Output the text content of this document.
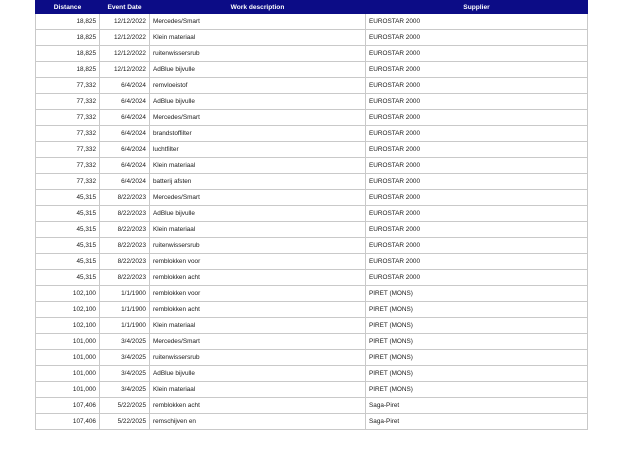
Distance	Event Date	Work description	Supplier
18,825	12/12/2022	Mercedes/Smart	EUROSTAR 2000
18,825	12/12/2022	Klein materiaal	EUROSTAR 2000
18,825	12/12/2022	ruitenwissersrub	EUROSTAR 2000
18,825	12/12/2022	AdBlue bijvulle	EUROSTAR 2000
77,332	6/4/2024	remvloeistof	EUROSTAR 2000
77,332	6/4/2024	AdBlue bijvulle	EUROSTAR 2000
77,332	6/4/2024	Mercedes/Smart	EUROSTAR 2000
77,332	6/4/2024	brandstoffilter	EUROSTAR 2000
77,332	6/4/2024	luchtfilter	EUROSTAR 2000
77,332	6/4/2024	Klein materiaal	EUROSTAR 2000
77,332	6/4/2024	batterij afsten	EUROSTAR 2000
45,315	8/22/2023	Mercedes/Smart	EUROSTAR 2000
45,315	8/22/2023	AdBlue bijvulle	EUROSTAR 2000
45,315	8/22/2023	Klein materiaal	EUROSTAR 2000
45,315	8/22/2023	ruitenwissersrub	EUROSTAR 2000
45,315	8/22/2023	remblokken voor	EUROSTAR 2000
45,315	8/22/2023	remblokken acht	EUROSTAR 2000
102,100	1/1/1900	remblokken voor	PIRET (MONS)
102,100	1/1/1900	remblokken acht	PIRET (MONS)
102,100	1/1/1900	Klein materiaal	PIRET (MONS)
101,000	3/4/2025	Mercedes/Smart	PIRET (MONS)
101,000	3/4/2025	ruitenwissersrub	PIRET (MONS)
101,000	3/4/2025	AdBlue bijvulle	PIRET (MONS)
101,000	3/4/2025	Klein materiaal	PIRET (MONS)
107,406	5/22/2025	remblokken acht	Saga-Piret
107,406	5/22/2025	remschijven en	Saga-Piret
